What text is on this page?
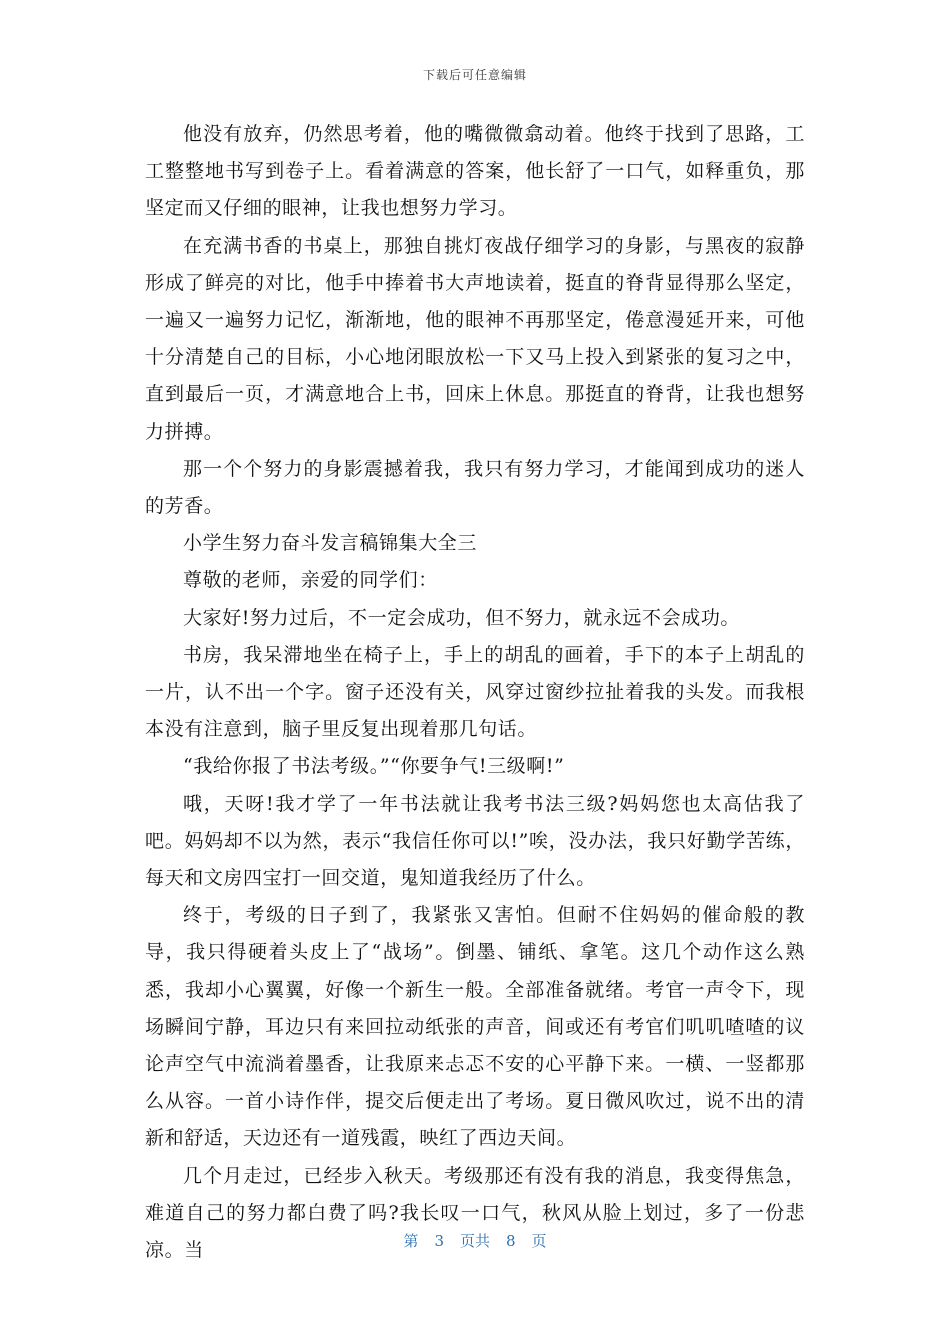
下载后可任意编辑

他没有放弃，仍然思考着，他的嘴微微翕动着。他终于找到了思路，工工整整地书写到卷子上。看着满意的答案，他长舒了一口气，如释重负，那坚定而又仔细的眼神，让我也想努力学习。

在充满书香的书桌上，那独自挑灯夜战仔细学习的身影，与黑夜的寂静形成了鲜亮的对比，他手中捧着书大声地读着，挺直的脊背显得那么坚定，一遍又一遍努力记忆，渐渐地，他的眼神不再那坚定，倦意漫延开来，可他十分清楚自己的目标，小心地闭眼放松一下又马上投入到紧张的复习之中，直到最后一页，才满意地合上书，回床上休息。那挺直的脊背，让我也想努力拼搏。

那一个个努力的身影震撼着我，我只有努力学习，才能闻到成功的迷人的芳香。

小学生努力奋斗发言稿锦集大全三

尊敬的老师，亲爱的同学们：

大家好!努力过后，不一定会成功，但不努力，就永远不会成功。

书房，我呆滞地坐在椅子上，手上的胡乱的画着，手下的本子上胡乱的一片，认不出一个字。窗子还没有关，风穿过窗纱拉扯着我的头发。而我根本没有注意到，脑子里反复出现着那几句话。

“我给你报了书法考级。”“你要争气!三级啊!”

哦，天呀!我才学了一年书法就让我考书法三级?妈妈您也太高估我了吧。妈妈却不以为然，表示“我信任你可以!”唉，没办法，我只好勤学苦练，每天和文房四宝打一回交道，鬼知道我经历了什么。

终于，考级的日子到了，我紧张又害怕。但耐不住妈妈的催命般的教导，我只得硬着头皮上了“战场”。倒墨、铺纸、拿笔。这几个动作这么熟悉，我却小心翼翼，好像一个新生一般。全部准备就绪。考官一声令下，现场瞬间宁静，耳边只有来回拉动纸张的声音，间或还有考官们叽叽喳喳的议论声空气中流淌着墨香，让我原来忐忑不安的心平静下来。一横、一竖都那么从容。一首小诗作伴，提交后便走出了考场。夏日微风吹过，说不出的清新和舒适，天边还有一道残霞，映红了西边天间。

几个月走过，已经步入秋天。考级那还有没有我的消息，我变得焦急，难道自己的努力都白费了吗?我长叹一口气，秋风从脸上划过，多了一份悲凉。当	第 3 页共 8 页
